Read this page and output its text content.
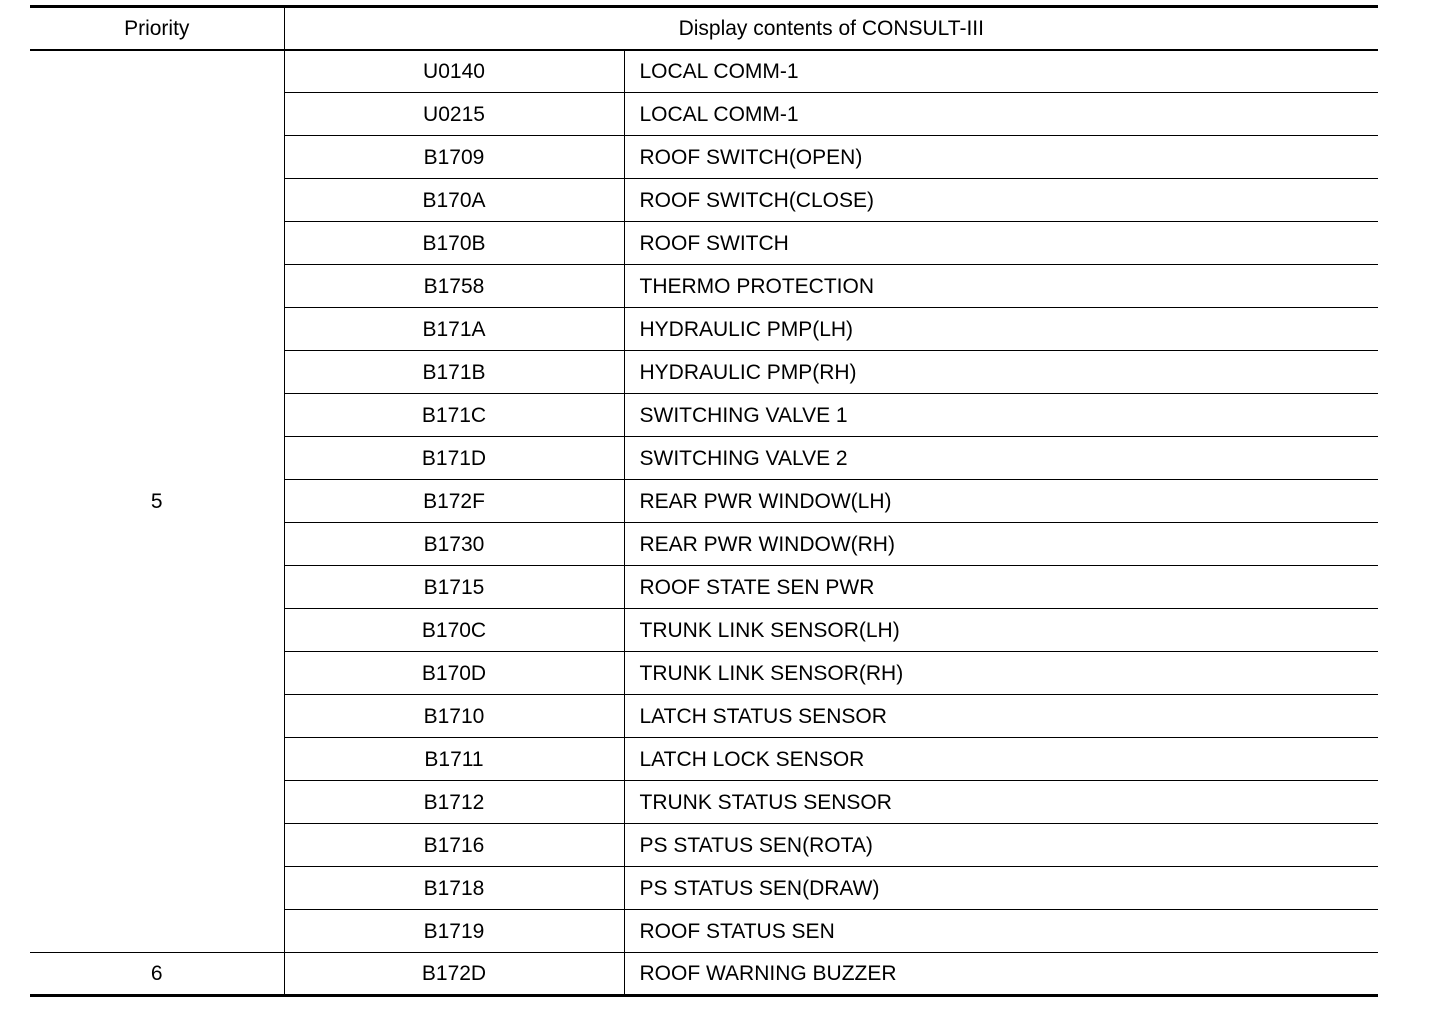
Priority	Display contents of CONSULT-III	
5	U0140	LOCAL COMM-1
	U0215	LOCAL COMM-1
	B1709	ROOF SWITCH(OPEN)
	B170A	ROOF SWITCH(CLOSE)
	B170B	ROOF SWITCH
	B1758	THERMO PROTECTION
	B171A	HYDRAULIC PMP(LH)
	B171B	HYDRAULIC PMP(RH)
	B171C	SWITCHING VALVE 1
	B171D	SWITCHING VALVE 2
	B172F	REAR PWR WINDOW(LH)
	B1730	REAR PWR WINDOW(RH)
	B1715	ROOF STATE SEN PWR
	B170C	TRUNK LINK SENSOR(LH)
	B170D	TRUNK LINK SENSOR(RH)
	B1710	LATCH STATUS SENSOR
	B1711	LATCH LOCK SENSOR
	B1712	TRUNK STATUS SENSOR
	B1716	PS STATUS SEN(ROTA)
	B1718	PS STATUS SEN(DRAW)
	B1719	ROOF STATUS SEN
6	B172D	ROOF WARNING BUZZER
